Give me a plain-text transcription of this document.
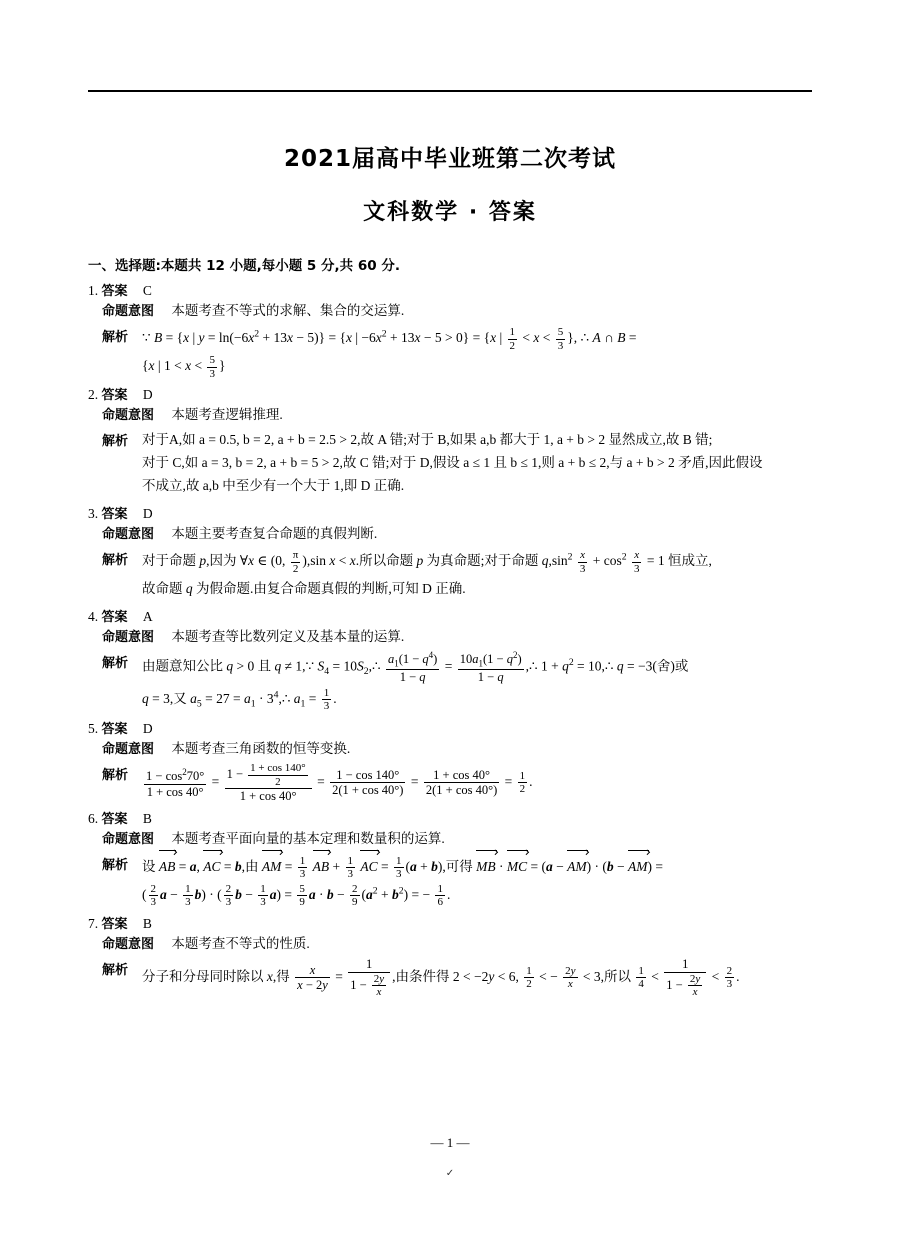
2021届高中毕业班第二次考试
文科数学 · 答案
一、选择题:本题共 12 小题,每小题 5 分,共 60 分.
1. 答案 C
命题意图 本题考查不等式的求解、集合的交运算.
解析 ∵ B = {x | $y = \ln(-6x^2 + 13x - 5)\} = \{x$ | $-6x^2 + 13x - 5 > 0\} = \{x$ | $\frac{1}{2} < x < \frac{5}{3}$ }, ∴ A ∩ B =
{x | $1 < x < \frac{5}{3}$ }
2. 答案 D
命题意图 本题考查逻辑推理.
解析 对于A,如 a = 0.5, b = 2, a + b = 2.5 > 2,故 A 错;对于 B,如果 a,b 都大于 1, a + b > 2 显然成立,故 B 错;
对于 C,如 a = 3, b = 2, a + b = 5 > 2,故 C 错;对于 D,假设 a ≤ 1 且 b ≤ 1,则 a + b ≤ 2,与 a + b > 2 矛盾,因此假设
不成立,故 a,b 中至少有一个大于 1,即 D 正确.
3. 答案 D
命题意图 本题主要考查复合命题的真假判断.
解析 对于命题 p,因为 ∀x ∈ (0, $\frac{\pi}{2} ),\sin$ x < x.所以命题 p 为真命题;对于命题 $q,\sin^2 \frac{x}{3} + \cos^2 \frac{x}{3} = 1$ 恒成立,
故命题 q 为假命题.由复合命题真假的判断,可知 D 正确.
4. 答案 A
命题意图 本题考查等比数列定义及基本量的运算.
解析 由题意知公比 q > 0 且 q ≠ 1,∵ $S_4$ = $10S_2,\therefore \frac{a_1(1 - q^4)}{1 - q} = \frac{10a_1(1 - q^2)}{1 - q}$ ,∴ $1 + q^2$ = 10,∴ q = −3(舍)或
q = 3,又 $a_5 = 27 = a_1$ · $3^4,\therefore$ $a_1 = \frac{1}{3}$ .
5. 答案 D
命题意图 本题考查三角函数的恒等变换.
解析 $\frac{1 - \cos^270^\circ}{1 + \cos 40^\circ} = \frac{1 - \frac{1 + \cos 140^\circ}{2}}{1 + \cos 40^\circ} = \frac{1 - \cos 140^\circ}{2(1 + \cos 40^\circ)} = \frac{1 + \cos 40^\circ}{2(1 + \cos 40^\circ)} = \frac{1}{2}$ .
6. 答案 B
命题意图 本题考查平面向量的基本定理和数量积的运算.
解析 设 AB = a, AC = b,由 AM = $\frac{1}{3}$ AB + $\frac{1}{3}$ AC = $\frac{1}{3} (a + b)$,可得 MB · MC = (a − AM) · (b − AM) =
( $\frac{2}{3}$ $a - \frac{1}{3} b$) · ( $\frac{2}{3}$ $b - \frac{1}{3} a) = \frac{5}{9}$ $a \cdot b - \frac{2}{9} (a^2 + b^2)$ = − $\frac{1}{6}$ .
7. 答案 B
命题意图 本题考查不等式的性质.
解析 分子和分母同时除以 x,得 $\frac{x}{x - 2y} = \frac{1}{1 - \frac{2y}{x}}$ ,由条件得 2 < −2y < 6, $\frac{1}{2}$ < − $\frac{2y}{x} < 3$,所以 $\frac{1}{4} < \frac{1}{1 - \frac{2y}{x}} < \frac{2}{3}$ .
— 1 —
✓
